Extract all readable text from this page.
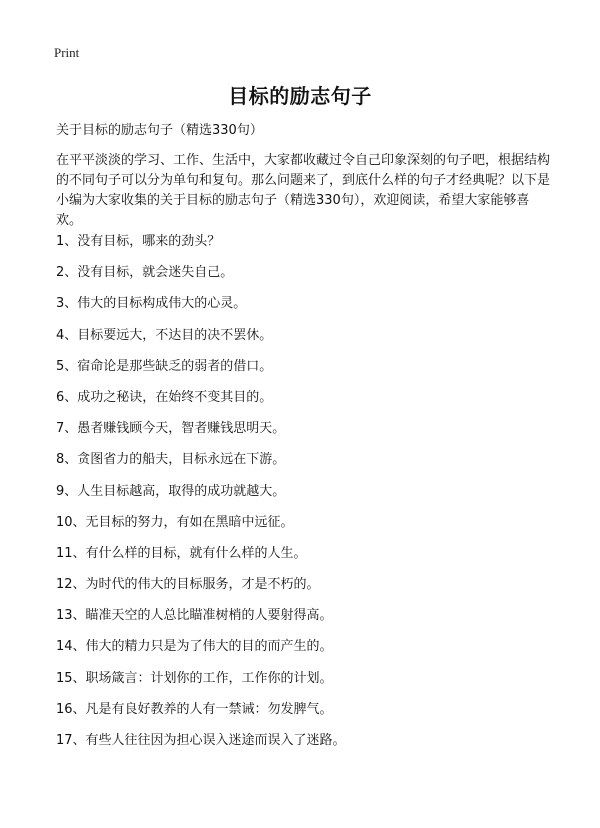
Print
目标的励志句子

关于目标的励志句子（精选330句）

在平平淡淡的学习、工作、生活中，大家都收藏过令自己印象深刻的句子吧，根据结构的不同句子可以分为单句和复句。那么问题来了，到底什么样的句子才经典呢？以下是小编为大家收集的关于目标的励志句子（精选330句），欢迎阅读，希望大家能够喜欢。

1、没有目标，哪来的劲头？
2、没有目标，就会迷失自己。
3、伟大的目标构成伟大的心灵。
4、目标要远大，不达目的决不罢休。
5、宿命论是那些缺乏的弱者的借口。
6、成功之秘诀，在始终不变其目的。
7、愚者赚钱顾今天，智者赚钱思明天。
8、贪图省力的船夫，目标永远在下游。
9、人生目标越高，取得的成功就越大。
10、无目标的努力，有如在黑暗中远征。
11、有什么样的目标，就有什么样的人生。
12、为时代的伟大的目标服务，才是不朽的。
13、瞄准天空的人总比瞄准树梢的人要射得高。
14、伟大的精力只是为了伟大的目的而产生的。
15、职场箴言：计划你的工作，工作你的计划。
16、凡是有良好教养的人有一禁诫：勿发脾气。
17、有些人往往因为担心误入迷途而误入了迷路。
